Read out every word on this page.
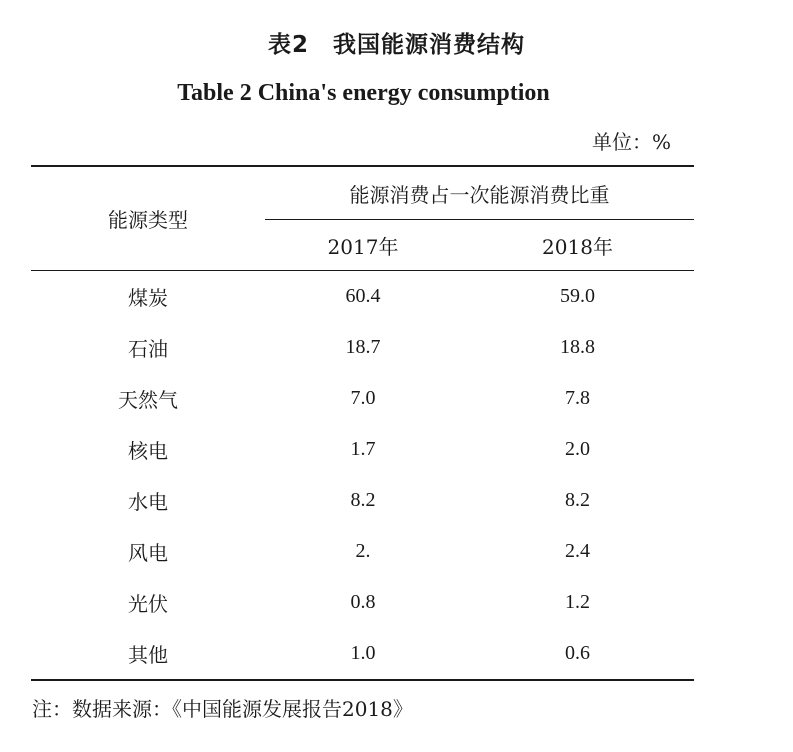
表2　我国能源消费结构
Table 2 China's energy consumption
单位：%
能源类型	能源消费占一次能源消费比重	
	2017年	2018年
煤炭	60.4	59.0
石油	18.7	18.8
天然气	7.0	7.8
核电	1.7	2.0
水电	8.2	8.2
风电	2.	2.4
光伏	0.8	1.2
其他	1.0	0.6
注：数据来源：《中国能源发展报告2018》
